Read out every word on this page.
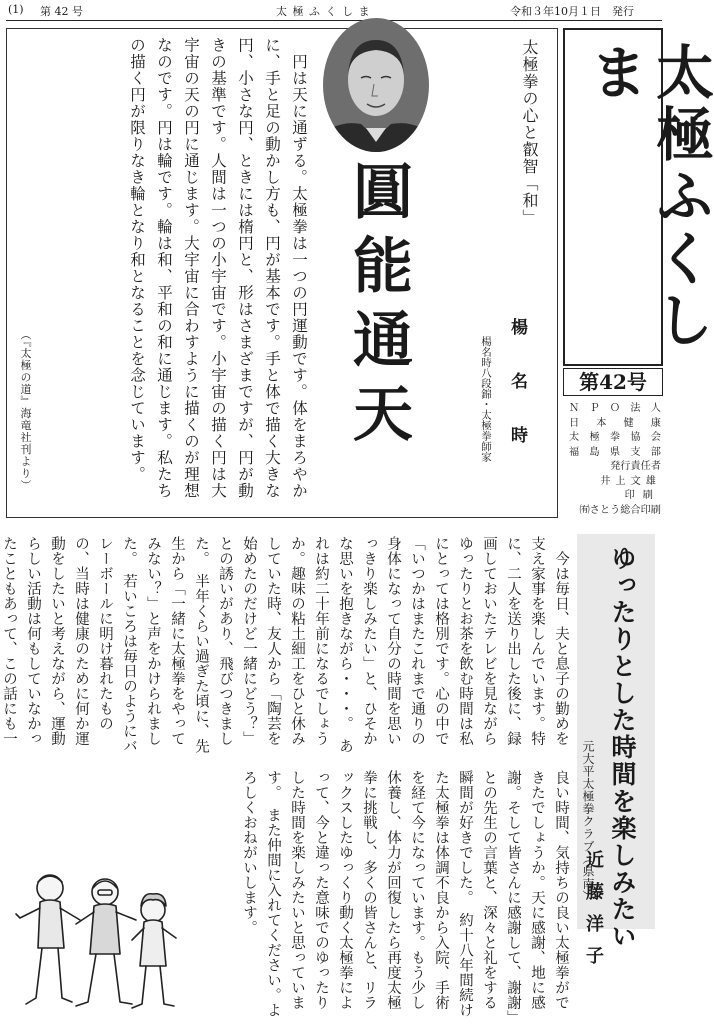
(1) 第 42 号	太 極 ふ く し ま	令和３年10月１日　発行
　円は天に通ずる。太極拳は一つの円運動です。体をまろやかに、手と足の動かし方も、円が基本です。手と体で描く大きな円、小さな円、ときには楕円と、形はさまざまですが、円が動きの基準です。人間は一つの小宇宙です。小宇宙の描く円は大宇宙の天の円に通じます。大宇宙に合わすように描くのが理想なのです。円は輪です。輪は和、平和の和に通じます。私たちの描く円が限りなき輪となり和となることを念じています。
（『太極の道』海竜社刊より）
太極拳の心と叡智「和」
圓能通天	楊　名　時
楊名時八段錦・太極拳師家
太極ふくしま
第42号
ＮＰＯ法人
日本健康
太極拳協会
福島県支部
発行責任者
井上文雄
印刷
㈲さとう総合印刷
ゆったりとした時間を楽しみたい
元大平太極拳クラブ（県南）
近藤洋子
　今は毎日、夫と息子の勤めを支え家事を楽しんでいます。特に、二人を送り出した後に、録画しておいたテレビを見ながらゆったりとお茶を飲む時間は私にとっては格別です。心の中で「いつかはまたこれまで通りの身体になって自分の時間を思いっきり楽しみたい」と、ひそかな思いを抱きながら・・・。　あれは約二十年前になるでしょうか。趣味の粘土細工をひと休みしていた時、友人から「陶芸を始めたのだけど一緒にどう？」との誘いがあり、飛びつきました。　半年くらい過ぎた頃に、先生から「一緒に太極拳をやってみない？」と声をかけられました。　若いころは毎日のようにバレーボールに明け暮れたものの、当時は健康のために何か運動をしたいと考えながら、運動らしい活動は何もしていなかったこともあって、この話にも一　
良い時間、気持ちの良い太極拳ができたでしょうか。天に感謝、地に感謝。そして皆さんに感謝して、謝謝」との先生の言葉と、深々と礼をする瞬間が好きでした。　約十八年間続けた太極拳は体調不良から入院、手術を経て今になっています。もう少し休養し、体力が回復したら再度太極拳に挑戦し、多くの皆さんと、リラックスしたゆっくり動く太極拳によって、今と違った意味でのゆったりした時間を楽しみたいと思っています。　また仲間に入れてください。よろしくおねがいします。
